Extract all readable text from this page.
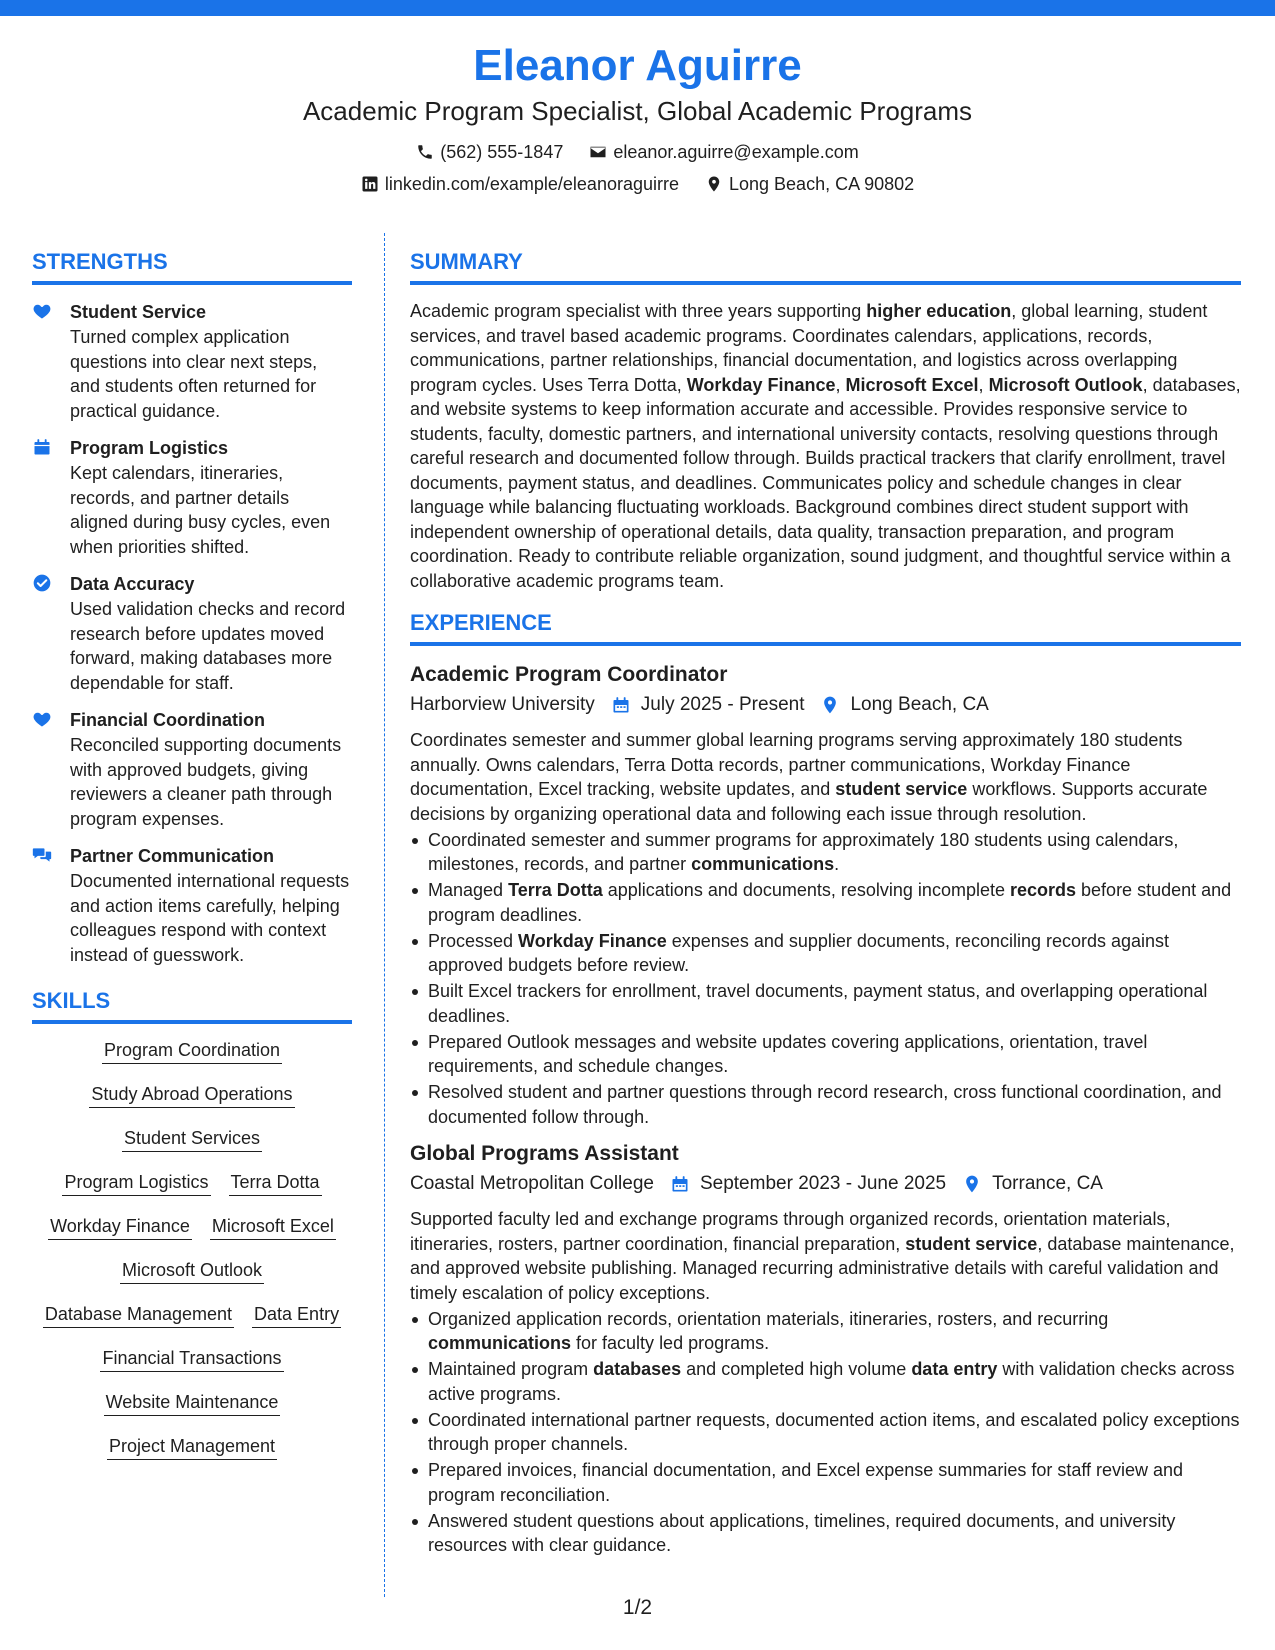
Eleanor Aguirre
Academic Program Specialist, Global Academic Programs
(562) 555-1847	eleanor.aguirre@example.com
linkedin.com/example/eleanoraguirre	Long Beach, CA 90802
STRENGTHS
Student Service
Turned complex application questions into clear next steps, and students often returned for practical guidance.
Program Logistics
Kept calendars, itineraries, records, and partner details aligned during busy cycles, even when priorities shifted.
Data Accuracy
Used validation checks and record research before updates moved forward, making databases more dependable for staff.
Financial Coordination
Reconciled supporting documents with approved budgets, giving reviewers a cleaner path through program expenses.
Partner Communication
Documented international requests and action items carefully, helping colleagues respond with context instead of guesswork.
SKILLS
Program Coordination
Study Abroad Operations
Student Services
Program Logistics Terra Dotta
Workday Finance Microsoft Excel
Microsoft Outlook
Database Management Data Entry
Financial Transactions
Website Maintenance
Project Management
SUMMARY
Academic program specialist with three years supporting higher education, global learning, student services, and travel based academic programs. Coordinates calendars, applications, records, communications, partner relationships, financial documentation, and logistics across overlapping program cycles. Uses Terra Dotta, Workday Finance, Microsoft Excel, Microsoft Outlook, databases, and website systems to keep information accurate and accessible. Provides responsive service to students, faculty, domestic partners, and international university contacts, resolving questions through careful research and documented follow through. Builds practical trackers that clarify enrollment, travel documents, payment status, and deadlines. Communicates policy and schedule changes in clear language while balancing fluctuating workloads. Background combines direct student support with independent ownership of operational details, data quality, transaction preparation, and program coordination. Ready to contribute reliable organization, sound judgment, and thoughtful service within a collaborative academic programs team.
EXPERIENCE
Academic Program Coordinator
Harborview University July 2025 - Present Long Beach, CA
Coordinates semester and summer global learning programs serving approximately 180 students annually. Owns calendars, Terra Dotta records, partner communications, Workday Finance documentation, Excel tracking, website updates, and student service workflows. Supports accurate decisions by organizing operational data and following each issue through resolution.
Coordinated semester and summer programs for approximately 180 students using calendars, milestones, records, and partner communications.
Managed Terra Dotta applications and documents, resolving incomplete records before student and program deadlines.
Processed Workday Finance expenses and supplier documents, reconciling records against approved budgets before review.
Built Excel trackers for enrollment, travel documents, payment status, and overlapping operational deadlines.
Prepared Outlook messages and website updates covering applications, orientation, travel requirements, and schedule changes.
Resolved student and partner questions through record research, cross functional coordination, and documented follow through.
Global Programs Assistant
Coastal Metropolitan College September 2023 - June 2025 Torrance, CA
Supported faculty led and exchange programs through organized records, orientation materials, itineraries, rosters, partner coordination, financial preparation, student service, database maintenance, and approved website publishing. Managed recurring administrative details with careful validation and timely escalation of policy exceptions.
Organized application records, orientation materials, itineraries, rosters, and recurring communications for faculty led programs.
Maintained program databases and completed high volume data entry with validation checks across active programs.
Coordinated international partner requests, documented action items, and escalated policy exceptions through proper channels.
Prepared invoices, financial documentation, and Excel expense summaries for staff review and program reconciliation.
Answered student questions about applications, timelines, required documents, and university resources with clear guidance.
1/2
